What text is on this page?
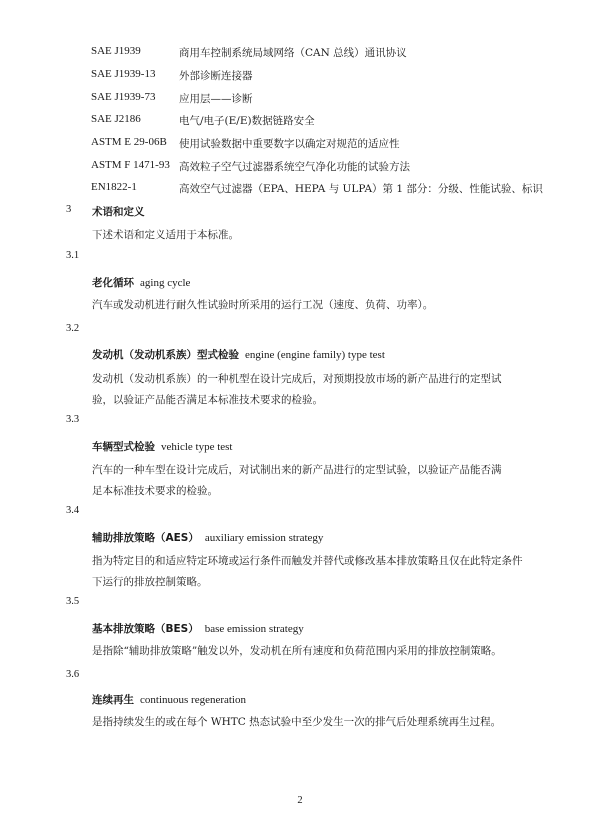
SAE J1939	商用车控制系统局域网络（CAN 总线）通讯协议
SAE J1939-13 外部诊断连接器
SAE J1939-73 应用层——诊断
SAE J2186	电气/电子(E/E)数据链路安全
ASTM E 29-06B 使用试验数据中重要数字以确定对规范的适应性
ASTM F 1471-93 高效粒子空气过滤器系统空气净化功能的试验方法
EN1822-1	高效空气过滤器（EPA、HEPA 与 ULPA）第 1 部分：分级、性能试验、标识
3 术语和定义
下述术语和定义适用于本标准。
3.1
老化循环 aging cycle
汽车或发动机进行耐久性试验时所采用的运行工况（速度、负荷、功率）。
3.2
发动机（发动机系族）型式检验 engine (engine family) type test
发动机（发动机系族）的一种机型在设计完成后，对预期投放市场的新产品进行的定型试
验，以验证产品能否满足本标准技术要求的检验。
3.3
车辆型式检验 vehicle type test
汽车的一种车型在设计完成后，对试制出来的新产品进行的定型试验，以验证产品能否满
足本标准技术要求的检验。
3.4
辅助排放策略（AES） auxiliary emission strategy
指为特定目的和适应特定环境或运行条件而触发并替代或修改基本排放策略且仅在此特定条件
下运行的排放控制策略。
3.5
基本排放策略（BES） base emission strategy
是指除“辅助排放策略”触发以外，发动机在所有速度和负荷范围内采用的排放控制策略。
3.6
连续再生 continuous regeneration
是指持续发生的或在每个 WHTC 热态试验中至少发生一次的排气后处理系统再生过程。
2
